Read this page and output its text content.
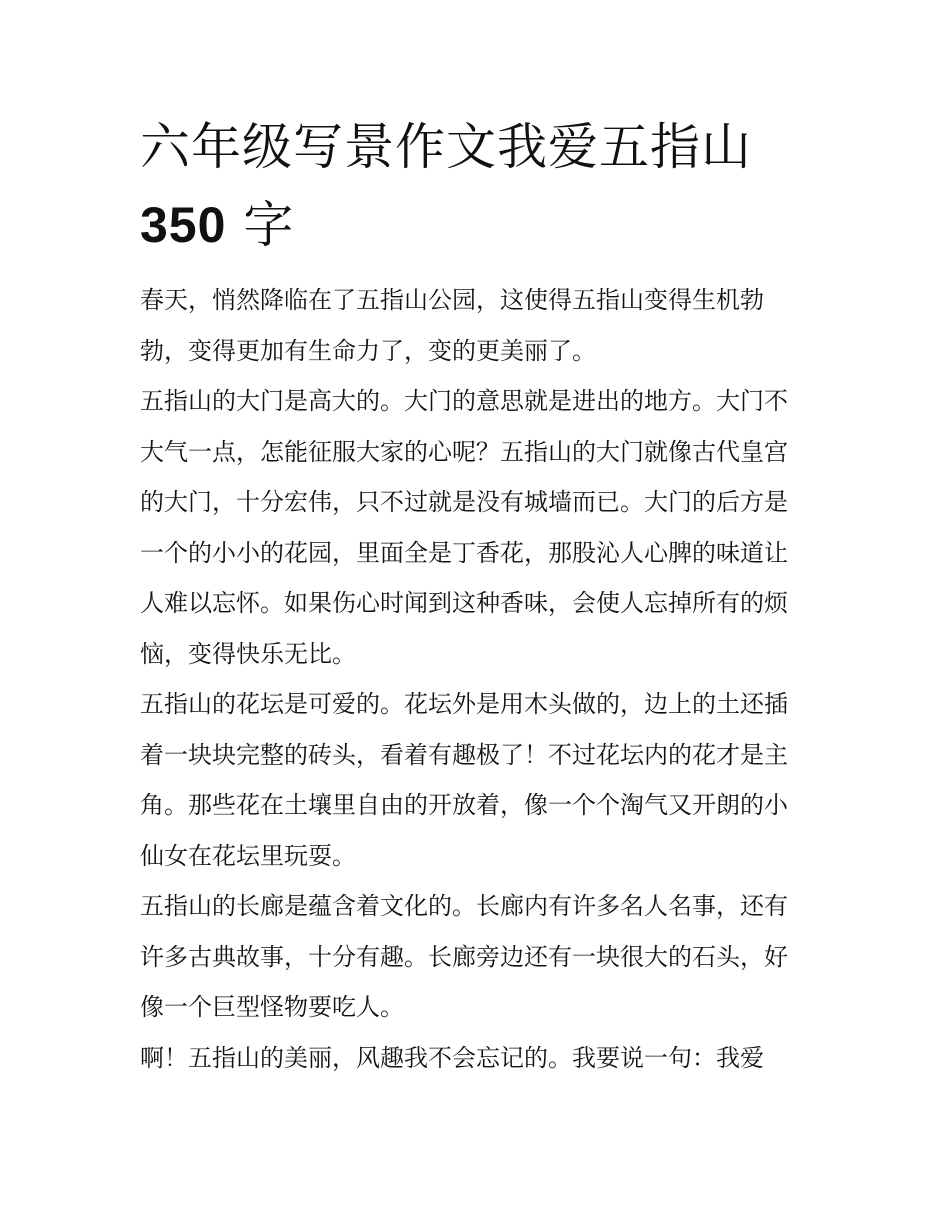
六年级写景作文我爱五指山
350 字

春天，悄然降临在了五指山公园，这使得五指山变得生机勃

勃，变得更加有生命力了，变的更美丽了。

五指山的大门是高大的。大门的意思就是进出的地方。大门不

大气一点，怎能征服大家的心呢？五指山的大门就像古代皇宫

的大门，十分宏伟，只不过就是没有城墙而已。大门的后方是

一个的小小的花园，里面全是丁香花，那股沁人心脾的味道让

人难以忘怀。如果伤心时闻到这种香味，会使人忘掉所有的烦

恼，变得快乐无比。

五指山的花坛是可爱的。花坛外是用木头做的，边上的土还插

着一块块完整的砖头，看着有趣极了！不过花坛内的花才是主

角。那些花在土壤里自由的开放着，像一个个淘气又开朗的小

仙女在花坛里玩耍。

五指山的长廊是蕴含着文化的。长廊内有许多名人名事，还有

许多古典故事，十分有趣。长廊旁边还有一块很大的石头，好

像一个巨型怪物要吃人。

啊！五指山的美丽，风趣我不会忘记的。我要说一句：我爱
